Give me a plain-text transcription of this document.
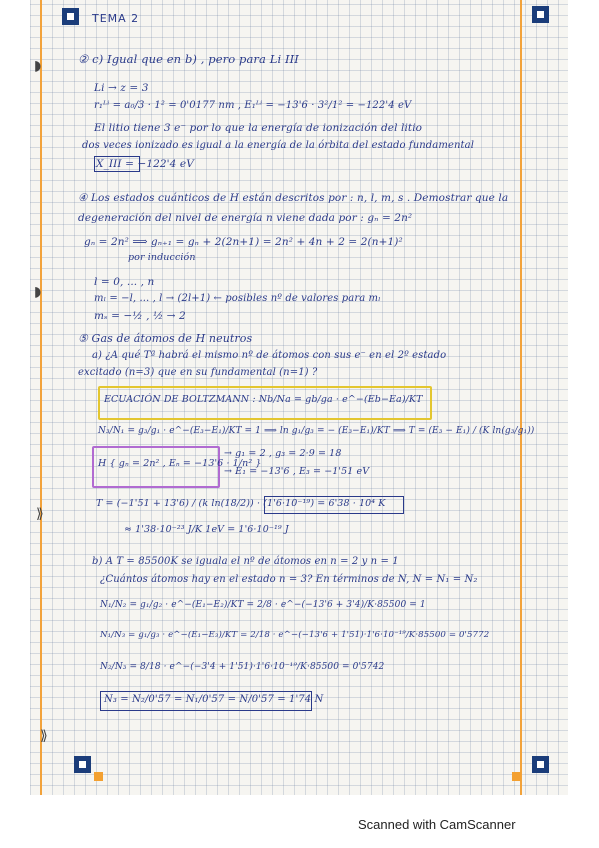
◗
◗
⟫
⟫
TEMA 2
② c) Igual que en b) , pero para Li III
Li → z = 3
r₁ᴸⁱ = a₀/3 · 1² = 0'0177 nm , E₁ᴸⁱ = −13'6 · 3²/1² = −122'4 eV
El litio tiene 3 e⁻ por lo que la energía de ionización del litio
dos veces ionizado es igual a la energía de la órbita del estado fundamental
X_III = −122'4 eV
④ Los estados cuánticos de H están descritos por : n, l, m, s . Demostrar que la
degeneración del nivel de energía n viene dada por : gₙ = 2n²
gₙ = 2n² ⟹ gₙ₊₁ = gₙ + 2(2n+1) = 2n² + 4n + 2 = 2(n+1)²
por inducción
l = 0, ... , n
mₗ = −l, ... , l → (2l+1) ← posibles nº de valores para mₗ
mₛ = −½ , ½ → 2
⑤ Gas de átomos de H neutros
a) ¿A qué Tª habrá el mismo nº de átomos con sus e⁻ en el 2º estado
excitado (n=3) que en su fundamental (n=1) ?
ECUACIÓN DE BOLTZMANN : Nb/Na = gb/ga · e^−(Eb−Ea)/KT
N₃/N₁ = g₃/g₁ · e^−(E₃−E₁)/KT = 1 ⟹ ln g₁/g₃ = − (E₃−E₁)/KT ⟹ T = (E₃ − E₁) / (K ln(g₃/g₁))
H { gₙ = 2n² , Eₙ = −13'6 · 1/n² }
→ g₁ = 2 , g₃ = 2·9 = 18
→ E₁ = −13'6 , E₃ = −1'51 eV
T = (−1'51 + 13'6) / (k ln(18/2)) · (1'6·10⁻¹⁹) = 6'38 · 10⁴ K
≈ 1'38·10⁻²³ J/K 1eV = 1'6·10⁻¹⁹ J
b) A T = 85500K se iguala el nº de átomos en n = 2 y n = 1
¿Cuántos átomos hay en el estado n = 3? En términos de N, N = N₁ = N₂
N₁/N₂ = g₁/g₂ · e^−(E₁−E₂)/KT = 2/8 · e^−(−13'6 + 3'4)/K·85500 = 1
N₁/N₃ = g₁/g₃ · e^−(E₁−E₃)/KT = 2/18 · e^−(−13'6 + 1'51)·1'6·10⁻¹⁹/K·85500 = 0'5772
N₂/N₃ = 8/18 · e^−(−3'4 + 1'51)·1'6·10⁻¹⁹/K·85500 = 0'5742
N₃ = N₂/0'57 = N₁/0'57 = N/0'57 = 1'74 N
Scanned with CamScanner
